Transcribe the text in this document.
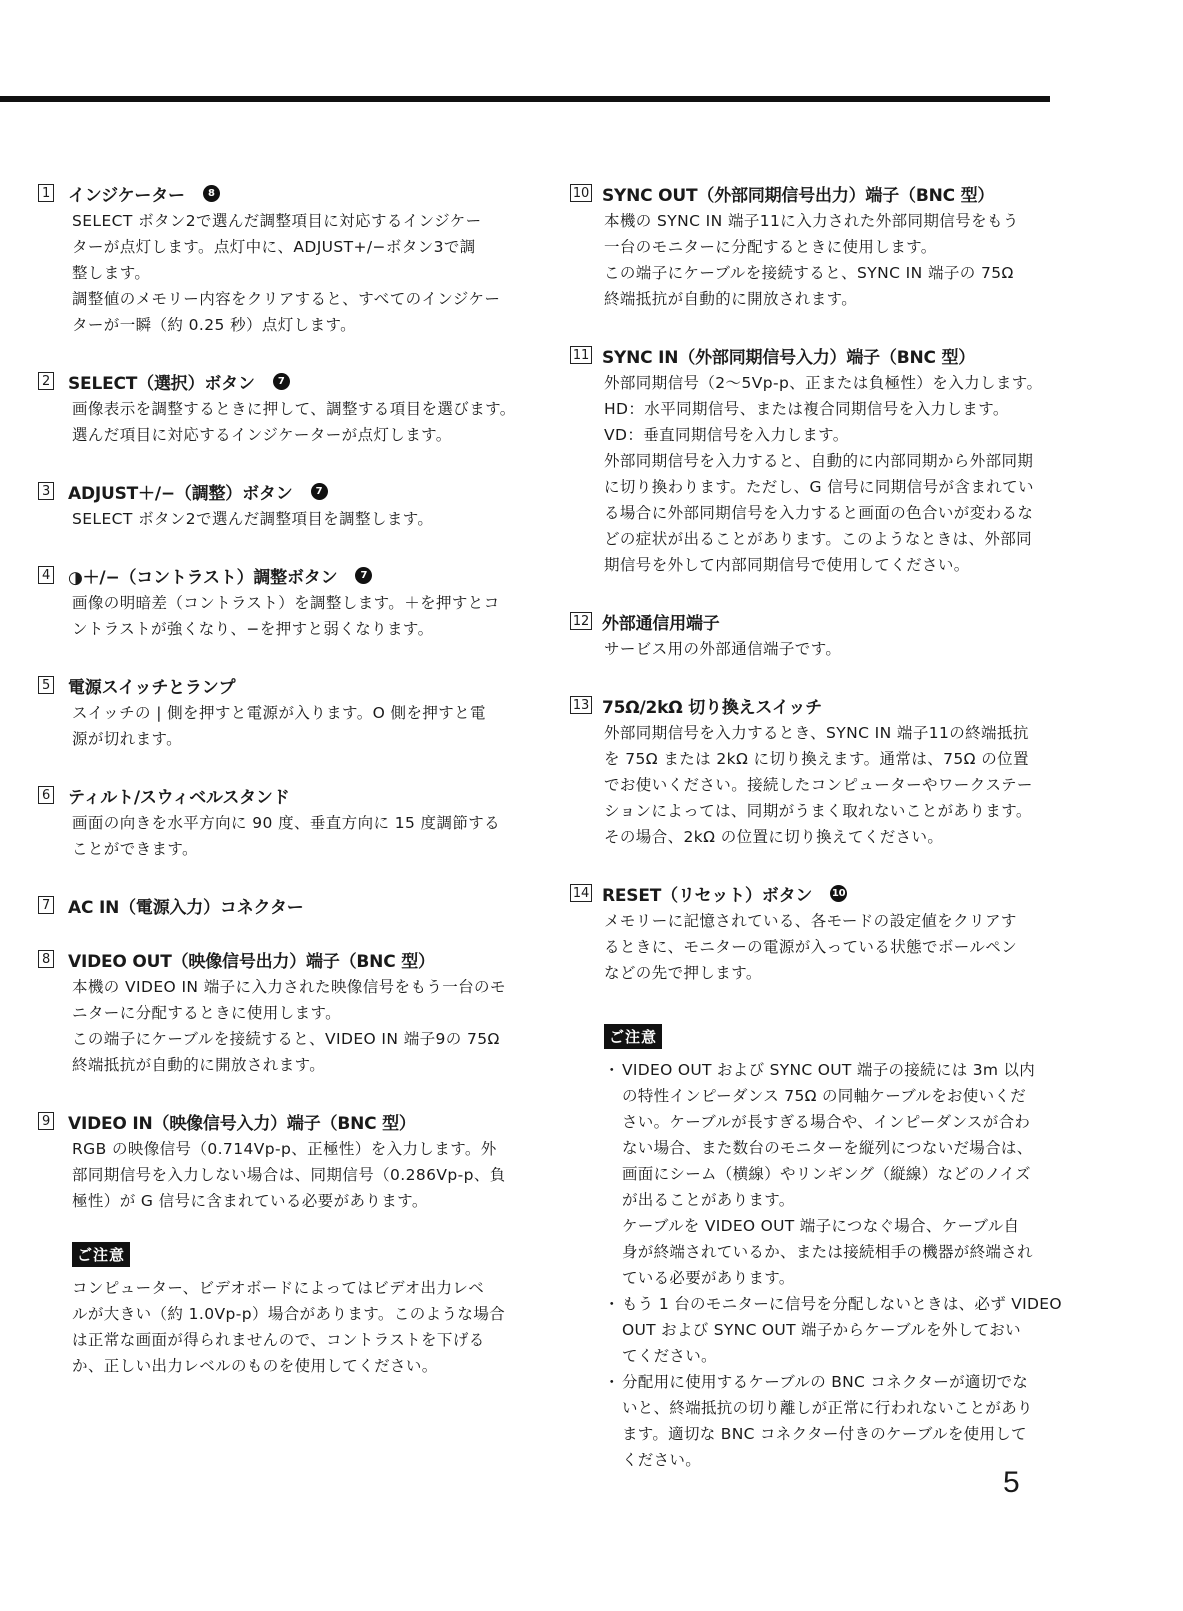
1 インジケーター	8
SELECT ボタン2で選んだ調整項目に対応するインジケー
ターが点灯します。点灯中に、ADJUST+/−ボタン3で調
整します。
調整値のメモリー内容をクリアすると、すべてのインジケー
ターが一瞬（約 0.25 秒）点灯します。
2 SELECT（選択）ボタン	7
画像表示を調整するときに押して、調整する項目を選びます。
選んだ項目に対応するインジケーターが点灯します。
3 ADJUST＋/−（調整）ボタン	7
SELECT ボタン2で選んだ調整項目を調整します。
4 ◑＋/−（コントラスト）調整ボタン	7
画像の明暗差（コントラスト）を調整します。＋を押すとコ
ントラストが強くなり、−を押すと弱くなります。
5 電源スイッチとランプ
スイッチの | 側を押すと電源が入ります。O 側を押すと電
源が切れます。
6 ティルト/スウィベルスタンド
画面の向きを水平方向に 90 度、垂直方向に 15 度調節する
ことができます。
7 AC IN（電源入力）コネクター
8 VIDEO OUT（映像信号出力）端子（BNC 型）
本機の VIDEO IN 端子に入力された映像信号をもう一台のモ
ニターに分配するときに使用します。
この端子にケーブルを接続すると、VIDEO IN 端子9の 75Ω
終端抵抗が自動的に開放されます。
9 VIDEO IN（映像信号入力）端子（BNC 型）
RGB の映像信号（0.714Vp-p、正極性）を入力します。外
部同期信号を入力しない場合は、同期信号（0.286Vp-p、負
極性）が G 信号に含まれている必要があります。
ご注意
コンピューター、ビデオボードによってはビデオ出力レベ
ルが大きい（約 1.0Vp-p）場合があります。このような場合
は正常な画面が得られませんので、コントラストを下げる
か、正しい出力レベルのものを使用してください。
10 SYNC OUT（外部同期信号出力）端子（BNC 型）
本機の SYNC IN 端子11に入力された外部同期信号をもう
一台のモニターに分配するときに使用します。
この端子にケーブルを接続すると、SYNC IN 端子の 75Ω
終端抵抗が自動的に開放されます。
11 SYNC IN（外部同期信号入力）端子（BNC 型）
外部同期信号（2〜5Vp-p、正または負極性）を入力します。
HD：水平同期信号、または複合同期信号を入力します。
VD：垂直同期信号を入力します。
外部同期信号を入力すると、自動的に内部同期から外部同期
に切り換わります。ただし、G 信号に同期信号が含まれてい
る場合に外部同期信号を入力すると画面の色合いが変わるな
どの症状が出ることがあります。このようなときは、外部同
期信号を外して内部同期信号で使用してください。
12 外部通信用端子
サービス用の外部通信端子です。
13 75Ω/2kΩ 切り換えスイッチ
外部同期信号を入力するとき、SYNC IN 端子11の終端抵抗
を 75Ω または 2kΩ に切り換えます。通常は、75Ω の位置
でお使いください。接続したコンピューターやワークステー
ションによっては、同期がうまく取れないことがあります。
その場合、2kΩ の位置に切り換えてください。
14 RESET（リセット）ボタン 10
メモリーに記憶されている、各モードの設定値をクリアす
るときに、モニターの電源が入っている状態でボールペン
などの先で押します。
ご注意
・ VIDEO OUT および SYNC OUT 端子の接続には 3m 以内
の特性インピーダンス 75Ω の同軸ケーブルをお使いくだ
さい。ケーブルが長すぎる場合や、インピーダンスが合わ
ない場合、また数台のモニターを縦列につないだ場合は、
画面にシーム（横線）やリンギング（縦線）などのノイズ
が出ることがあります。
ケーブルを VIDEO OUT 端子につなぐ場合、ケーブル自
身が終端されているか、または接続相手の機器が終端され
ている必要があります。
・ もう 1 台のモニターに信号を分配しないときは、必ず VIDEO
OUT および SYNC OUT 端子からケーブルを外しておい
てください。
・ 分配用に使用するケーブルの BNC コネクターが適切でな
いと、終端抵抗の切り離しが正常に行われないことがあり
ます。適切な BNC コネクター付きのケーブルを使用して
ください。
5
